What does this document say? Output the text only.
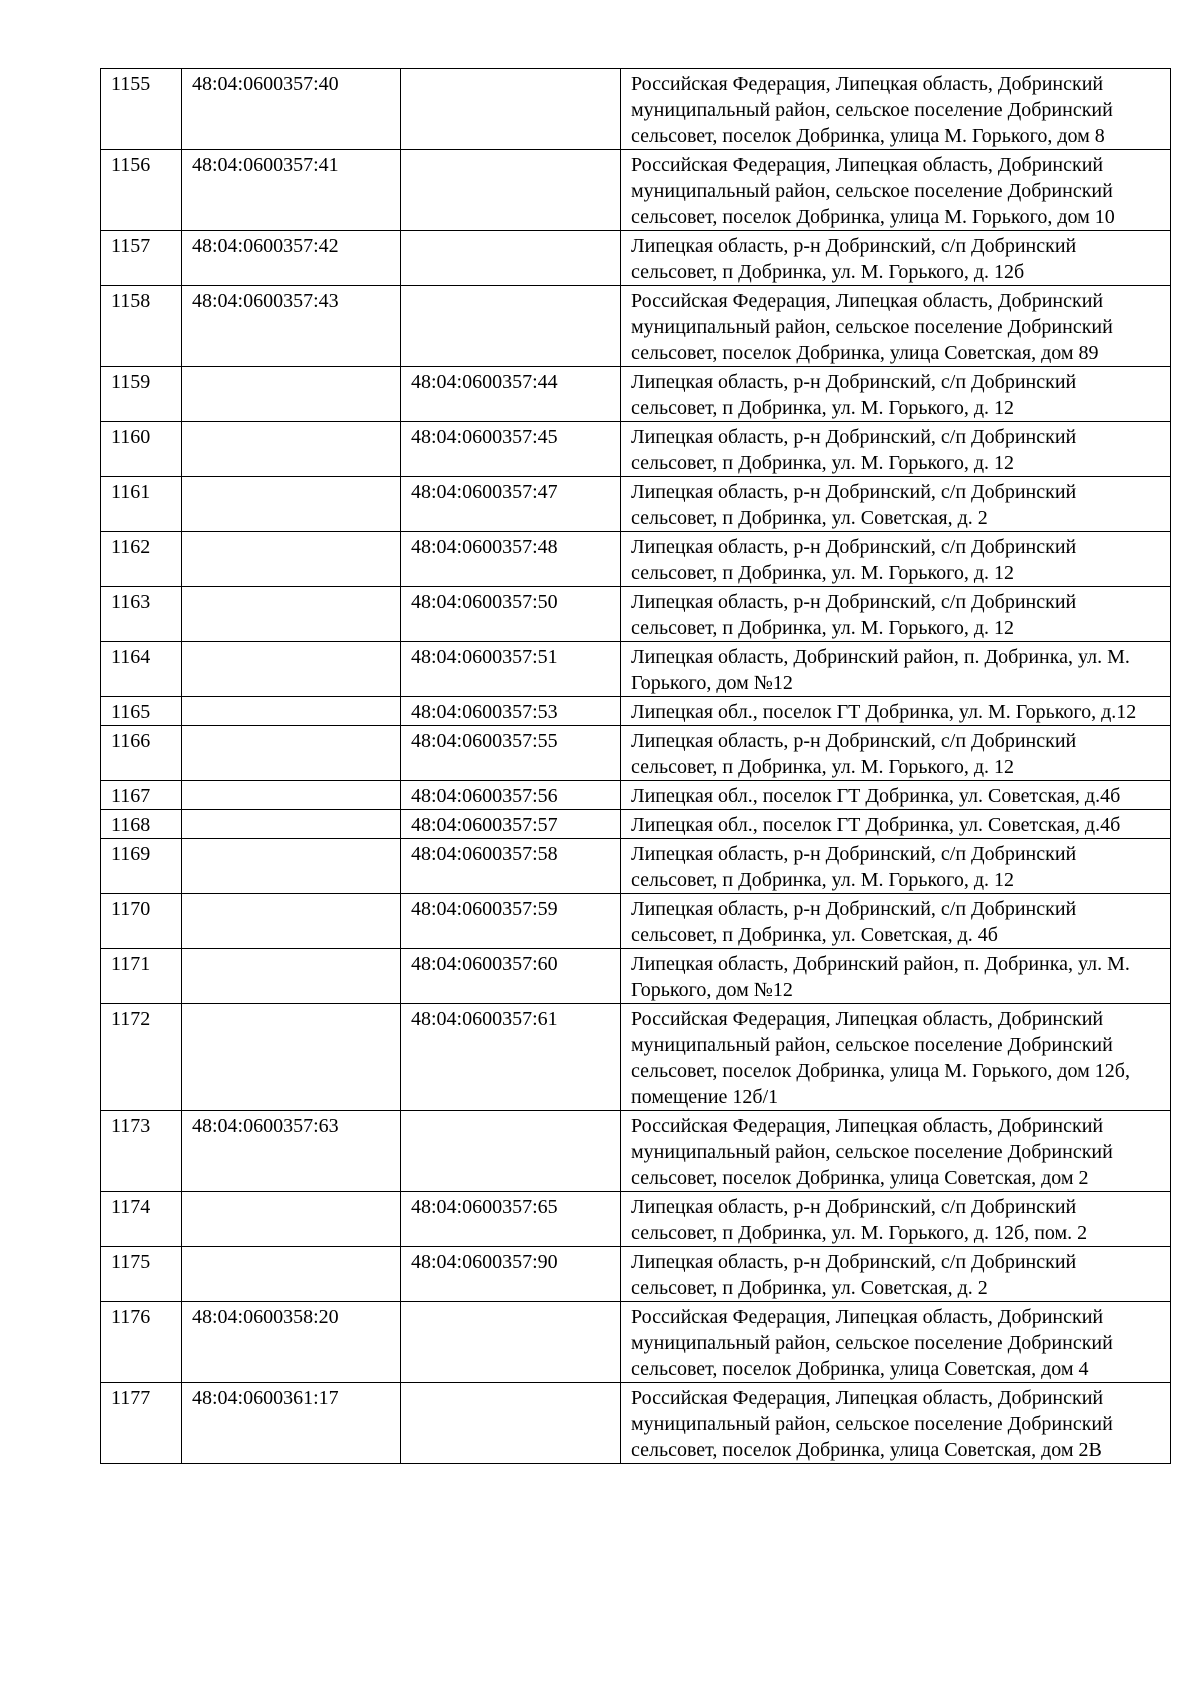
1155	48:04:0600357:40		Российская Федерация, Липецкая область, Добринский муниципальный район, сельское поселение Добринский сельсовет, поселок Добринка, улица М. Горького, дом 8
1156	48:04:0600357:41		Российская Федерация, Липецкая область, Добринский муниципальный район, сельское поселение Добринский сельсовет, поселок Добринка, улица М. Горького, дом 10
1157	48:04:0600357:42		Липецкая область, р-н Добринский, с/п Добринский сельсовет, п Добринка, ул. М. Горького, д. 12б
1158	48:04:0600357:43		Российская Федерация, Липецкая область, Добринский муниципальный район, сельское поселение Добринский сельсовет, поселок Добринка, улица Советская, дом 89
1159		48:04:0600357:44	Липецкая область, р-н Добринский, с/п Добринский сельсовет, п Добринка, ул. М. Горького, д. 12
1160		48:04:0600357:45	Липецкая область, р-н Добринский, с/п Добринский сельсовет, п Добринка, ул. М. Горького, д. 12
1161		48:04:0600357:47	Липецкая область, р-н Добринский, с/п Добринский сельсовет, п Добринка, ул. Советская, д. 2
1162		48:04:0600357:48	Липецкая область, р-н Добринский, с/п Добринский сельсовет, п Добринка, ул. М. Горького, д. 12
1163		48:04:0600357:50	Липецкая область, р-н Добринский, с/п Добринский сельсовет, п Добринка, ул. М. Горького, д. 12
1164		48:04:0600357:51	Липецкая область, Добринский район, п. Добринка, ул. М. Горького, дом №12
1165		48:04:0600357:53	Липецкая обл., поселок ГТ Добринка, ул. М. Горького, д.12
1166		48:04:0600357:55	Липецкая область, р-н Добринский, с/п Добринский сельсовет, п Добринка, ул. М. Горького, д. 12
1167		48:04:0600357:56	Липецкая обл., поселок ГТ Добринка, ул. Советская, д.4б
1168		48:04:0600357:57	Липецкая обл., поселок ГТ Добринка, ул. Советская, д.4б
1169		48:04:0600357:58	Липецкая область, р-н Добринский, с/п Добринский сельсовет, п Добринка, ул. М. Горького, д. 12
1170		48:04:0600357:59	Липецкая область, р-н Добринский, с/п Добринский сельсовет, п Добринка, ул. Советская, д. 4б
1171		48:04:0600357:60	Липецкая область, Добринский район, п. Добринка, ул. М. Горького, дом №12
1172		48:04:0600357:61	Российская Федерация, Липецкая область, Добринский муниципальный район, сельское поселение Добринский сельсовет, поселок Добринка, улица М. Горького, дом 12б, помещение 12б/1
1173	48:04:0600357:63		Российская Федерация, Липецкая область, Добринский муниципальный район, сельское поселение Добринский сельсовет, поселок Добринка, улица Советская, дом 2
1174		48:04:0600357:65	Липецкая область, р-н Добринский, с/п Добринский сельсовет, п Добринка, ул. М. Горького, д. 12б, пом. 2
1175		48:04:0600357:90	Липецкая область, р-н Добринский, с/п Добринский сельсовет, п Добринка, ул. Советская, д. 2
1176	48:04:0600358:20		Российская Федерация, Липецкая область, Добринский муниципальный район, сельское поселение Добринский сельсовет, поселок Добринка, улица Советская, дом 4
1177	48:04:0600361:17		Российская Федерация, Липецкая область, Добринский муниципальный район, сельское поселение Добринский сельсовет, поселок Добринка, улица Советская, дом 2В
